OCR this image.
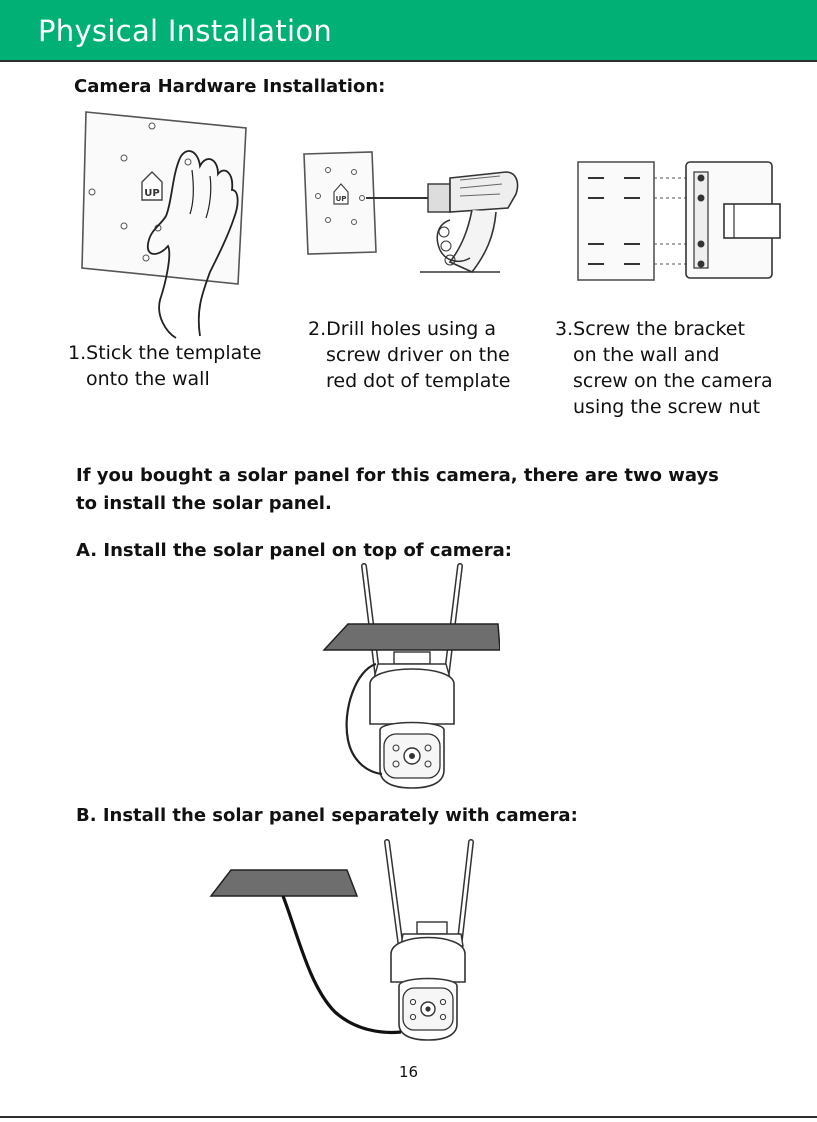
Physical Installation
Camera Hardware Installation:
UP	UP
1.Stick the template
onto the wall
2.Drill holes using a
screw driver on the
red dot of template
3.Screw the bracket
on the wall and
screw on the camera
using the screw nut
If you bought a solar panel for this camera, there are two ways
to install the solar panel.
A. Install the solar panel on top of camera:
B. Install the solar panel separately with camera:
16
